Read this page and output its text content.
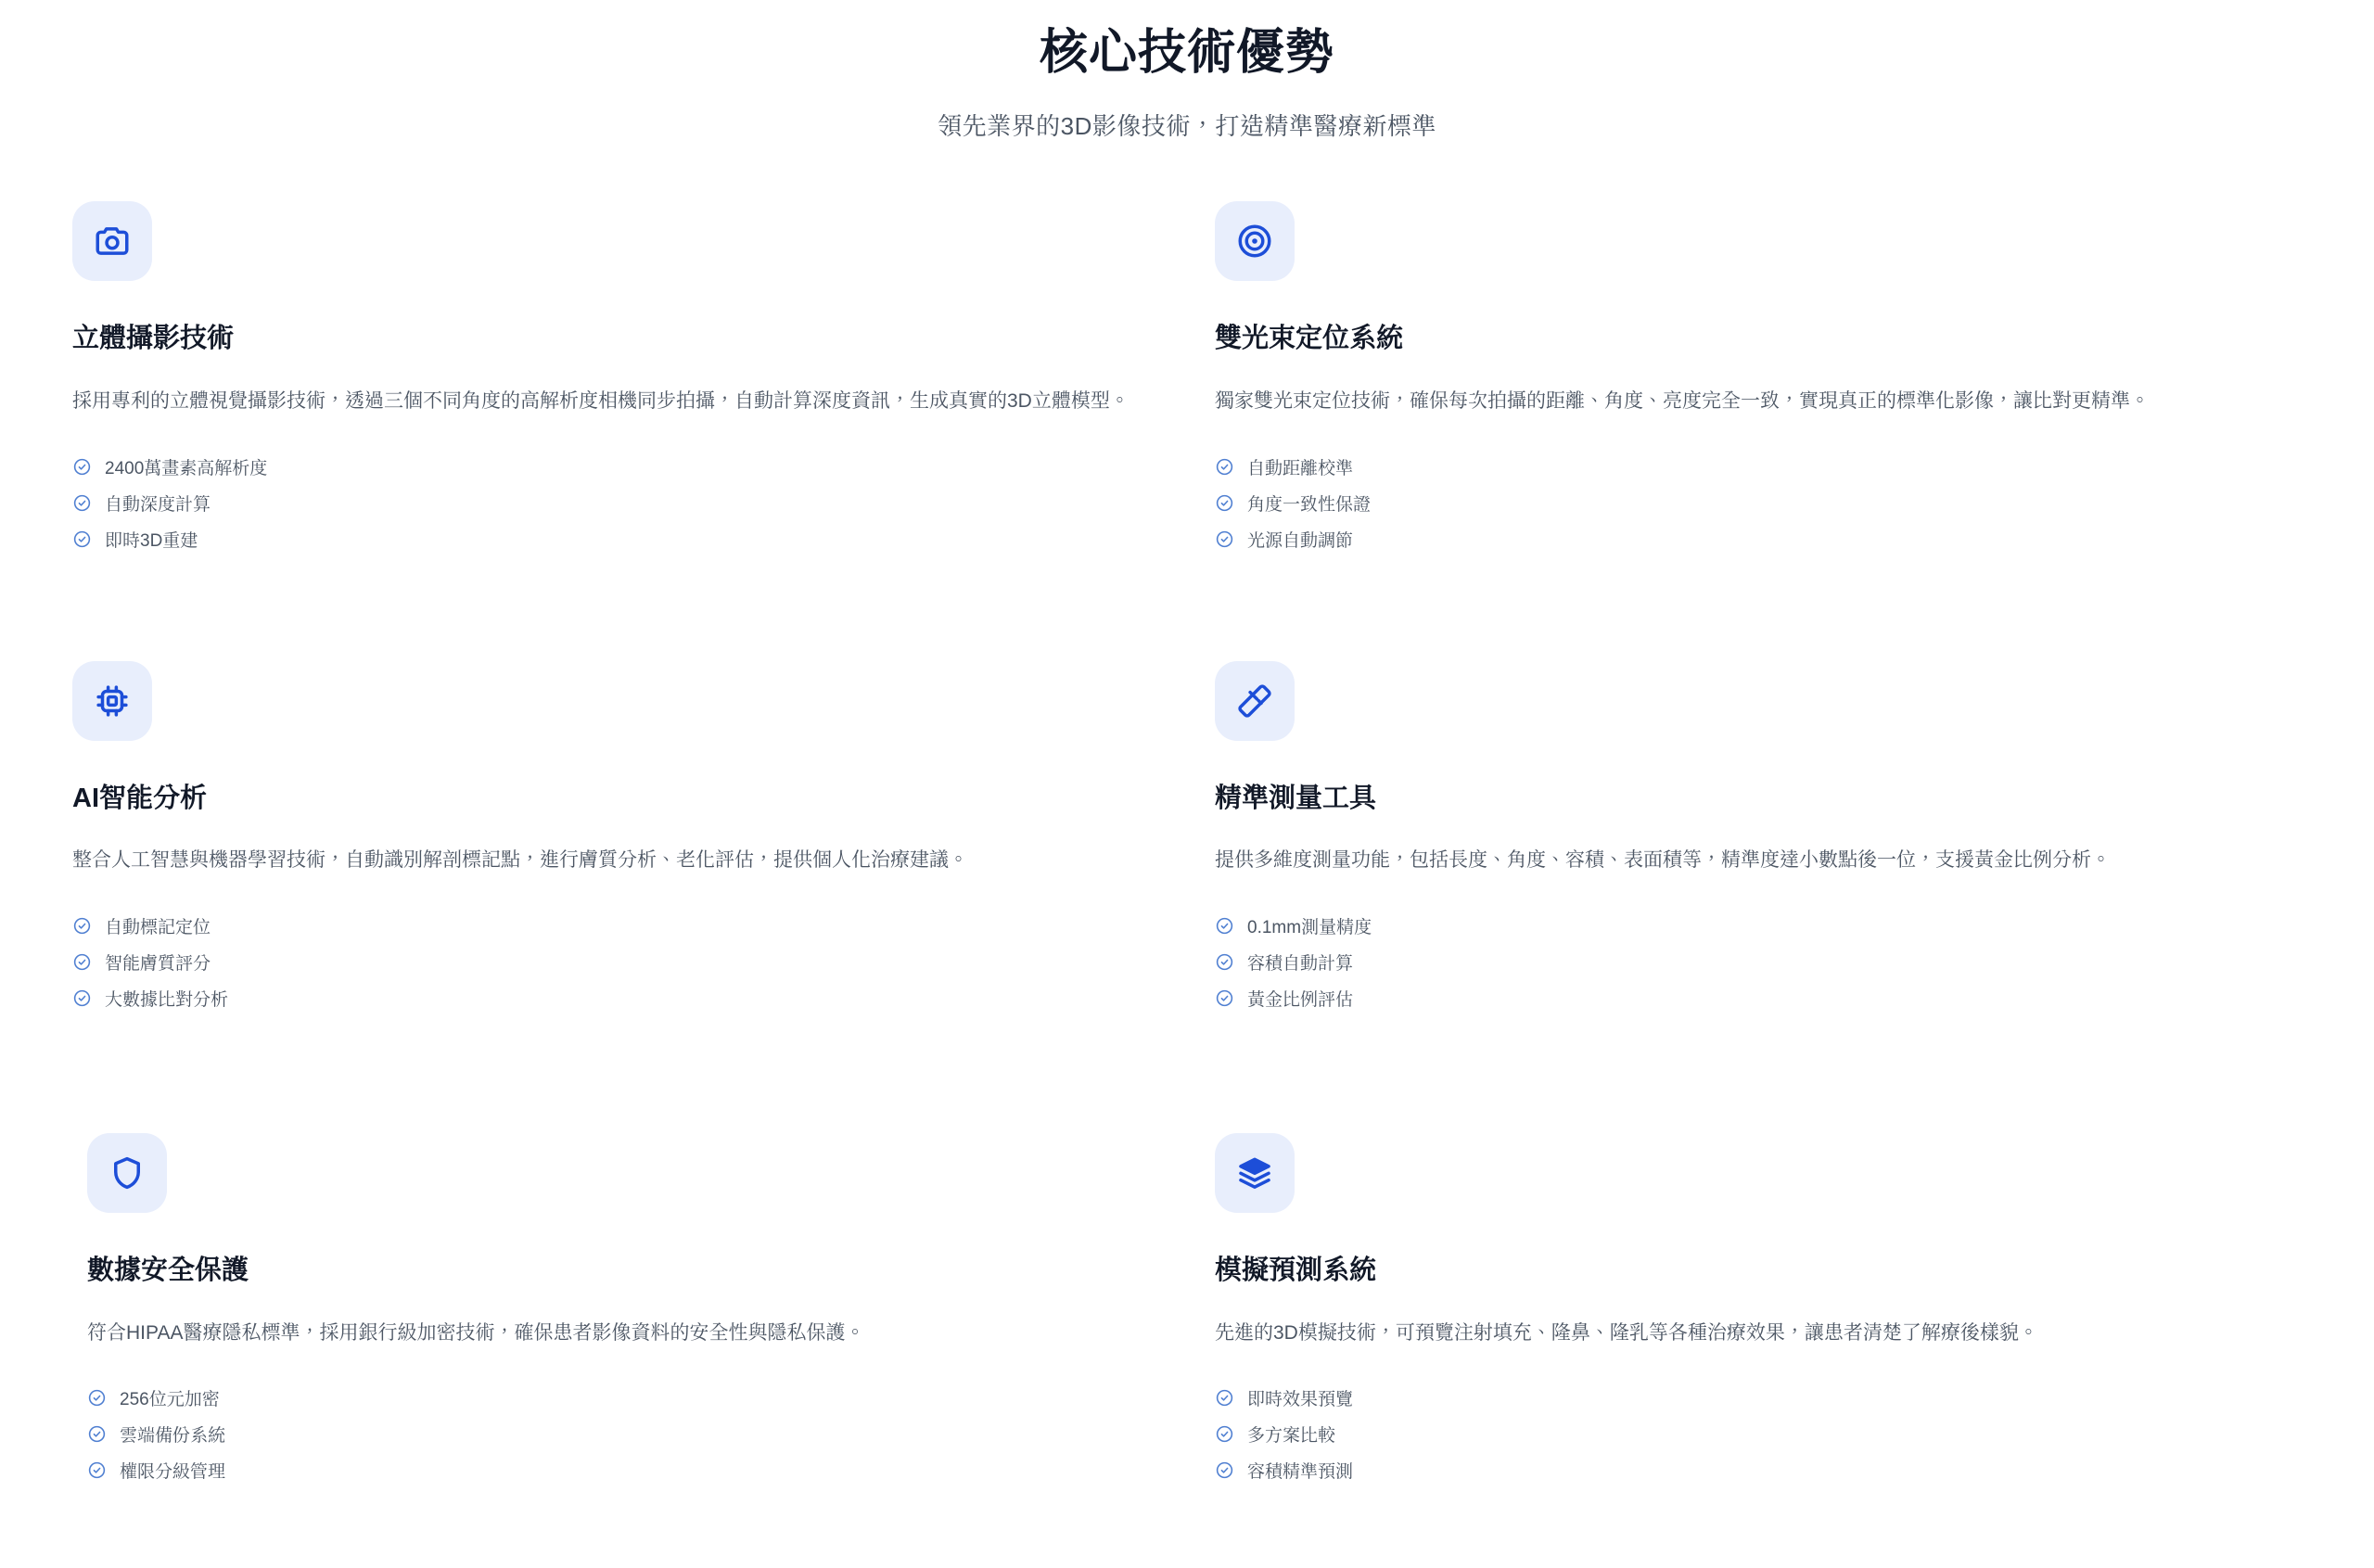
核心技術優勢

領先業界的3D影像技術，打造精準醫療新標準

立體攝影技術

採用專利的立體視覺攝影技術，透過三個不同角度的高解析度相機同步拍攝，自動計算深度資訊，生成真實的3D立體模型。

2400萬畫素高解析度
自動深度計算
即時3D重建
雙光束定位系統

獨家雙光束定位技術，確保每次拍攝的距離、角度、亮度完全一致，實現真正的標準化影像，讓比對更精準。

自動距離校準
角度一致性保證
光源自動調節
AI智能分析

整合人工智慧與機器學習技術，自動識別解剖標記點，進行膚質分析、老化評估，提供個人化治療建議。

自動標記定位
智能膚質評分
大數據比對分析
精準測量工具

提供多維度測量功能，包括長度、角度、容積、表面積等，精準度達小數點後一位，支援黃金比例分析。

0.1mm測量精度
容積自動計算
黃金比例評估
數據安全保護

符合HIPAA醫療隱私標準，採用銀行級加密技術，確保患者影像資料的安全性與隱私保護。

256位元加密
雲端備份系統
權限分級管理
模擬預測系統

先進的3D模擬技術，可預覽注射填充、隆鼻、隆乳等各種治療效果，讓患者清楚了解療後樣貌。

即時效果預覽
多方案比較
容積精準預測
